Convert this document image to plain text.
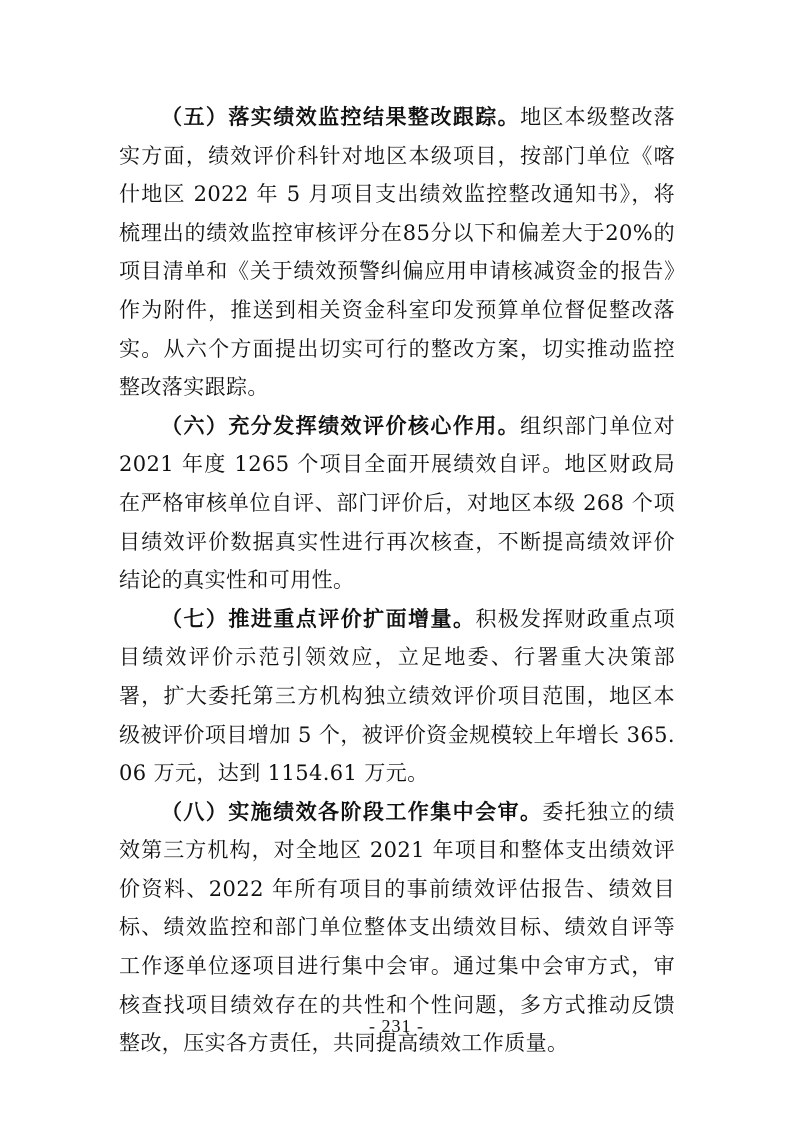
（五）落实绩效监控结果整改跟踪。地区本级整改落实方面，绩效评价科针对地区本级项目，按部门单位《喀什地区 2022 年 5 月项目支出绩效监控整改通知书》，将梳理出的绩效监控审核评分在85分以下和偏差大于20%的项目清单和《关于绩效预警纠偏应用申请核减资金的报告》作为附件，推送到相关资金科室印发预算单位督促整改落实。从六个方面提出切实可行的整改方案，切实推动监控整改落实跟踪。

（六）充分发挥绩效评价核心作用。组织部门单位对 2021 年度 1265 个项目全面开展绩效自评。地区财政局在严格审核单位自评、部门评价后，对地区本级 268 个项目绩效评价数据真实性进行再次核查，不断提高绩效评价结论的真实性和可用性。

（七）推进重点评价扩面增量。积极发挥财政重点项目绩效评价示范引领效应，立足地委、行署重大决策部署，扩大委托第三方机构独立绩效评价项目范围，地区本级被评价项目增加 5 个，被评价资金规模较上年增长 365.06 万元，达到 1154.61 万元。

（八）实施绩效各阶段工作集中会审。委托独立的绩效第三方机构，对全地区 2021 年项目和整体支出绩效评价资料、2022 年所有项目的事前绩效评估报告、绩效目标、绩效监控和部门单位整体支出绩效目标、绩效自评等工作逐单位逐项目进行集中会审。通过集中会审方式，审核查找项目绩效存在的共性和个性问题，多方式推动反馈整改，压实各方责任，共同提高绩效工作质量。

- 231 -
